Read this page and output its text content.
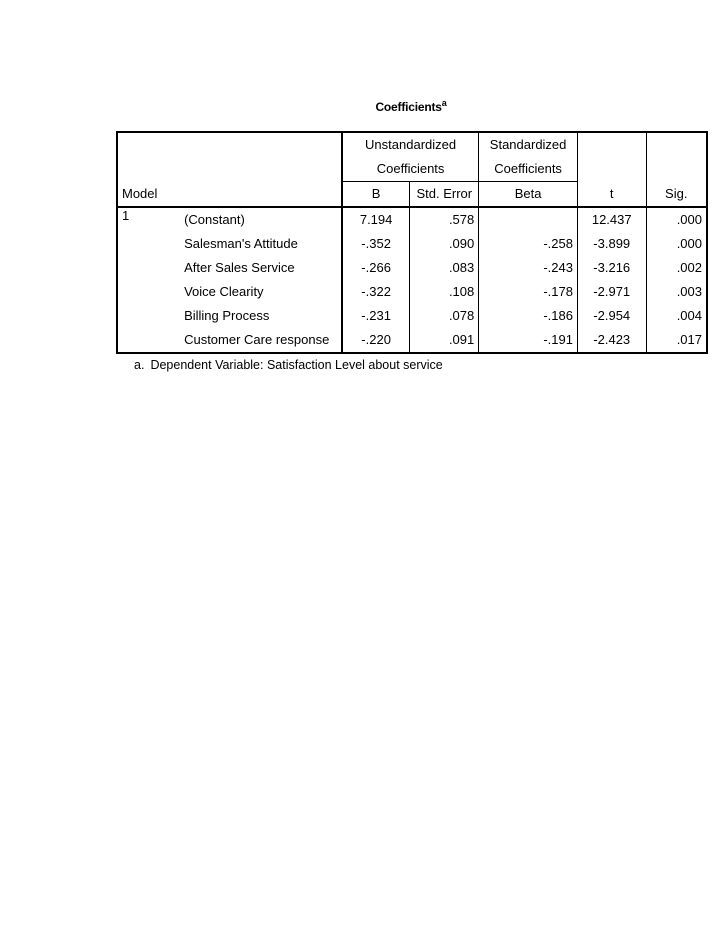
Coefficients$^a$
		Unstandardized		Standardized		
		Coefficients		Coefficients		
Model		B	Std. Error	Beta	t	Sig.
1	(Constant)	7.194	.578		12.437	.000
	Salesman's Attitude	-.352	.090	-.258	-3.899	.000
	After Sales Service	-.266	.083	-.243	-3.216	.002
	Voice Clearity	-.322	.108	-.178	-2.971	.003
	Billing Process	-.231	.078	-.186	-2.954	.004
	Customer Care response	-.220	.091	-.191	-2.423	.017
a. Dependent Variable: Satisfaction Level about service
